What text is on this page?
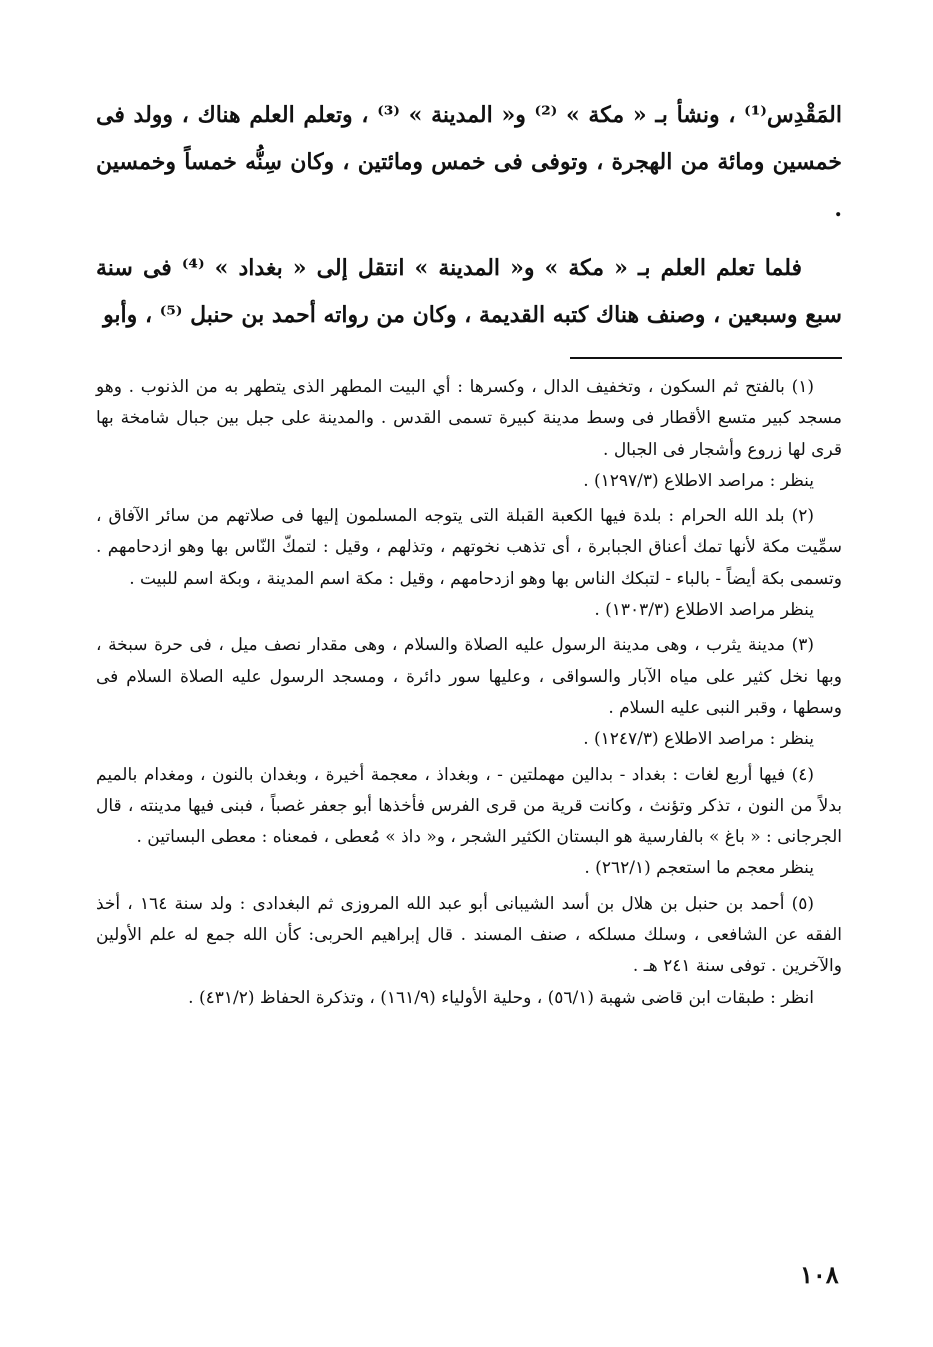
المَقْدِس⁽¹⁾ ، ونشأ بـ « مكة » ⁽²⁾ و« المدينة » ⁽³⁾ ، وتعلم العلم هناك ، وولد فى خمسين ومائة من الهجرة ، وتوفى فى خمس ومائتين ، وكان سِنُّه خمساً وخمسين .

فلما تعلم العلم بـ « مكة » و« المدينة » انتقل إلى « بغداد » ⁽⁴⁾ فى سنة سبع وسبعين ، وصنف هناك كتبه القديمة ، وكان من رواته أحمد بن حنبل ⁽⁵⁾ ، وأبو

(١) بالفتح ثم السكون ، وتخفيف الدال ، وكسرها : أي البيت المطهر الذى يتطهر به من الذنوب . وهو مسجد كبير متسع الأقطار فى وسط مدينة كبيرة تسمى القدس . والمدينة على جبل بين جبال شامخة بها قرى لها زروع وأشجار فى الجبال .

ينظر : مراصد الاطلاع (١٢٩٧/٣) .

(٢) بلد الله الحرام : بلدة فيها الكعبة القبلة التى يتوجه المسلمون إليها فى صلاتهم من سائر الآفاق ، سمِّيت مكة لأنها تمك أعناق الجبابرة ، أى تذهب نخوتهم ، وتذلهم ، وقيل : لتمكّ النّاس بها وهو ازدحامهم . وتسمى بكة أيضاً - بالباء - لتبكك الناس بها وهو ازدحامهم ، وقيل : مكة اسم المدينة ، وبكة اسم للبيت .

ينظر مراصد الاطلاع (١٣٠٣/٣) .

(٣) مدينة يثرب ، وهى مدينة الرسول عليه الصلاة والسلام ، وهى مقدار نصف ميل ، فى حرة سبخة ، وبها نخل كثير على مياه الآبار والسواقى ، وعليها سور دائرة ، ومسجد الرسول عليه الصلاة السلام فى وسطها ، وقبر النبى عليه السلام .

ينظر : مراصد الاطلاع (١٢٤٧/٣) .

(٤) فيها أربع لغات : بغداد - بدالين مهملتين - ، وبغداذ ، معجمة أخيرة ، وبغدان بالنون ، ومغدام بالميم بدلاً من النون ، تذكر وتؤنث ، وكانت قرية من قرى الفرس فأخذها أبو جعفر غصباً ، فبنى فيها مدينته ، قال الجرجانى : « باغ » بالفارسية هو البستان الكثير الشجر ، و« داذ » مُعطى ، فمعناه : معطى البساتين .

ينظر معجم ما استعجم (٢٦٢/١) .

(٥) أحمد بن حنبل بن هلال بن أسد الشيبانى أبو عبد الله المروزى ثم البغدادى : ولد سنة ١٦٤ ، أخذ الفقه عن الشافعى ، وسلك مسلكه ، صنف المسند . قال إبراهيم الحربى: كأن الله جمع له علم الأولين والآخرين . توفى سنة ٢٤١ هـ .

انظر : طبقات ابن قاضى شهبة (٥٦/١) ، وحلية الأولياء (١٦١/٩) ، وتذكرة الحفاظ (٤٣١/٢) .

١٠٨
